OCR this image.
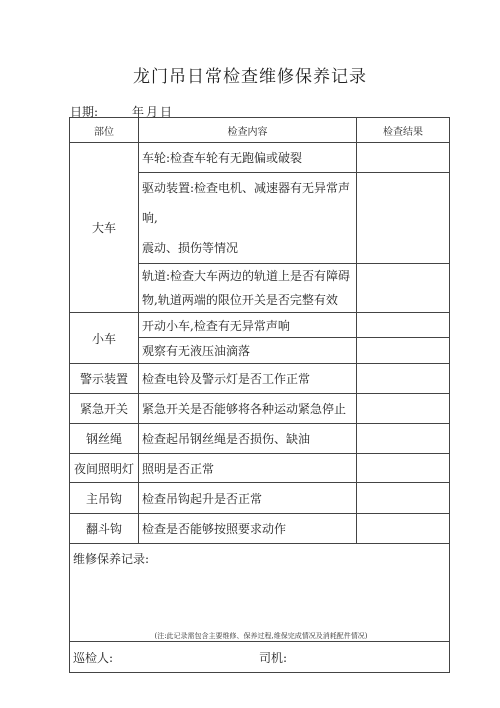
龙门吊日常检查维修保养记录
日期:	年 月 日
部位	检查内容	检查结果
大车	车轮:检查车轮有无跑偏或破裂	

	驱动装置:检查电机、减速器有无异常声 响,
震动、损伤等情况	

	轨道:检查大车两边的轨道上是否有障碍
物,轨道两端的限位开关是否完整有效	

小车	开动小车,检查有无异常声响	
	观察有无液压油滴落	
警示装置	检查电铃及警示灯是否工作正常	
紧急开关	紧急开关是否能够将各种运动紧急停止	
钢丝绳	检查起吊钢丝绳是否损伤、缺油	
夜间照明灯	照明是否正常	
主吊钩	检查吊钩起升是否正常	
翻斗钩	检查是否能够按照要求动作	

维修保养记录:
(注:此记录需包含主要维修、保养过程,维保完成情况及消耗配件情况)		

巡检人: 司机:		
